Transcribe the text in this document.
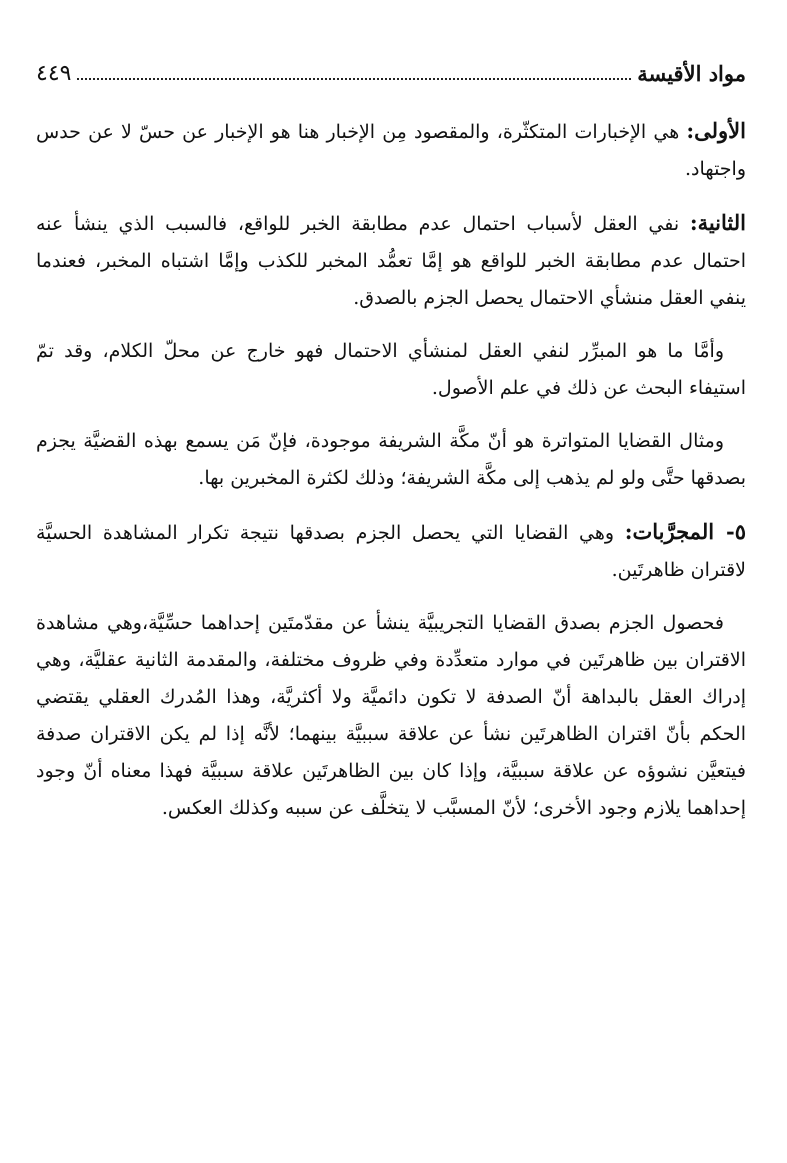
مواد الأقيسة
٤٤٩

الأولى: هي الإخبارات المتكثّرة، والمقصود مِن الإخبار هنا هو الإخبار عن حسّ لا عن حدس واجتهاد.

الثانية: نفي العقل لأسباب احتمال عدم مطابقة الخبر للواقع، فالسبب الذي ينشأ عنه احتمال عدم مطابقة الخبر للواقع هو إمَّا تعمُّد المخبر للكذب وإمَّا اشتباه المخبر، فعندما ينفي العقل منشأي الاحتمال يحصل الجزم بالصدق.

وأمَّا ما هو المبرِّر لنفي العقل لمنشأي الاحتمال فهو خارج عن محلّ الكلام، وقد تمّ استيفاء البحث عن ذلك في علم الأصول.

ومثال القضايا المتواترة هو أنّ مكَّة الشريفة موجودة، فإنّ مَن يسمع بهذه القضيَّة يجزم بصدقها حتَّى ولو لم يذهب إلى مكَّة الشريفة؛ وذلك لكثرة المخبرين بها.

٥- المجرَّبات: وهي القضايا التي يحصل الجزم بصدقها نتيجة تكرار المشاهدة الحسيَّة لاقتران ظاهرتَين.

فحصول الجزم بصدق القضايا التجريبيَّة ينشأ عن مقدّمتَين إحداهما حسِّيَّة،وهي مشاهدة الاقتران بين ظاهرتَين في موارد متعدِّدة وفي ظروف مختلفة، والمقدمة الثانية عقليَّة، وهي إدراك العقل بالبداهة أنّ الصدفة لا تكون دائميَّة ولا أكثريَّة، وهذا المُدرك العقلي يقتضي الحكم بأنّ اقتران الظاهرتَين نشأ عن علاقة سببيَّة بينهما؛ لأنَّه إذا لم يكن الاقتران صدفة فيتعيَّن نشوؤه عن علاقة سببيَّة، وإذا كان بين الظاهرتَين علاقة سببيَّة فهذا معناه أنّ وجود إحداهما يلازم وجود الأخرى؛ لأنّ المسبَّب لا يتخلَّف عن سببه وكذلك العكس.
